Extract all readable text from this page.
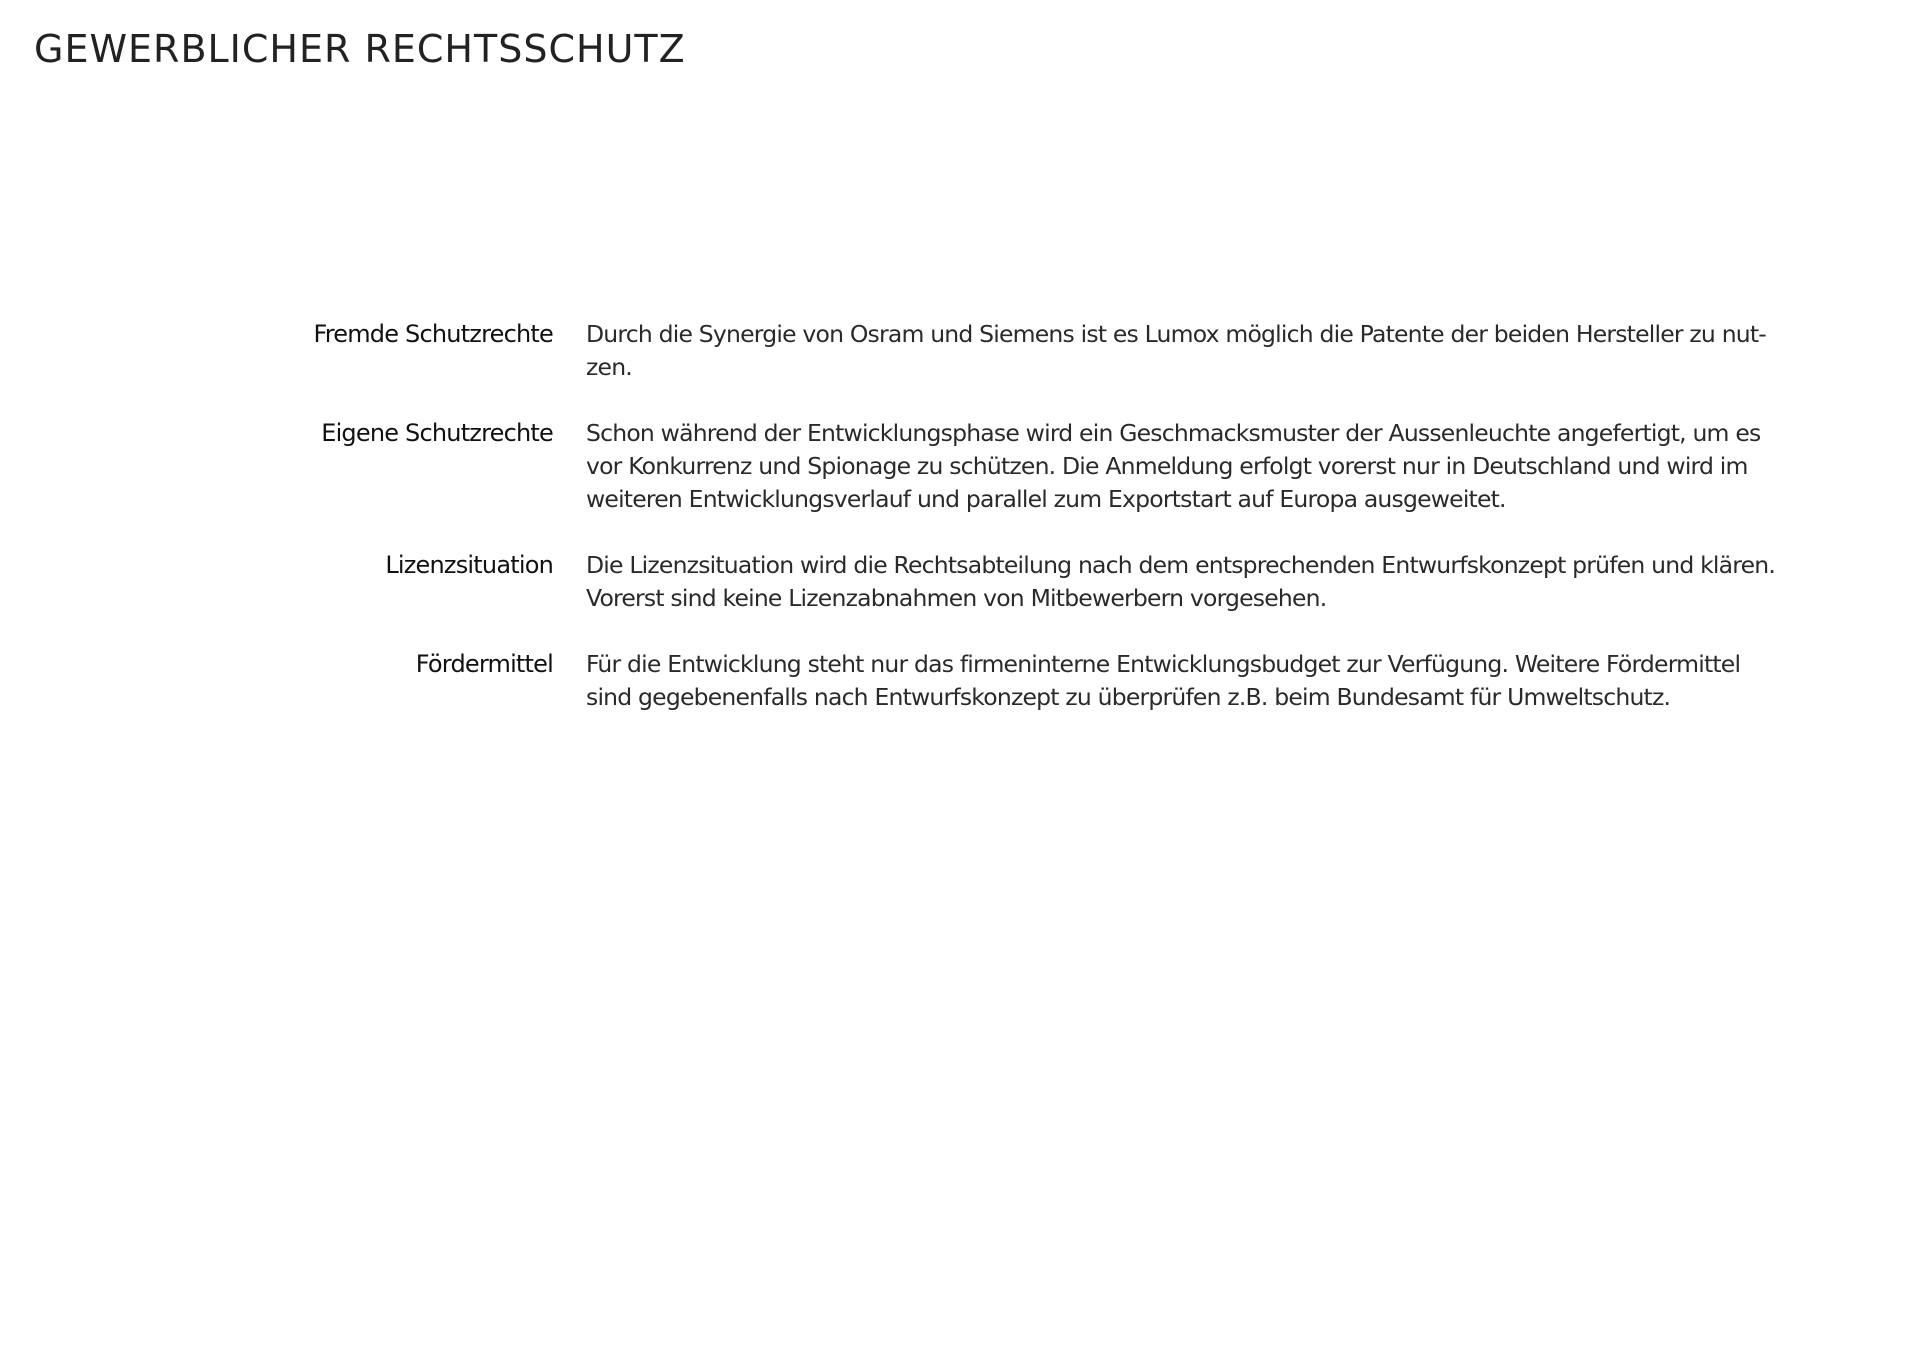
GEWERBLICHER RECHTSSCHUTZ
Fremde Schutzrechte Durch die Synergie von Osram und Siemens ist es Lumox möglich die Patente der beiden Hersteller zu nut-
zen.
Eigene Schutzrechte Schon während der Entwicklungsphase wird ein Geschmacksmuster der Aussenleuchte angefertigt, um es
vor Konkurrenz und Spionage zu schützen. Die Anmeldung erfolgt vorerst nur in Deutschland und wird im
weiteren Entwicklungsverlauf und parallel zum Exportstart auf Europa ausgeweitet.
Lizenzsituation Die Lizenzsituation wird die Rechtsabteilung nach dem entsprechenden Entwurfskonzept prüfen und klären.
Vorerst sind keine Lizenzabnahmen von Mitbewerbern vorgesehen.
Fördermittel Für die Entwicklung steht nur das firmeninterne Entwicklungsbudget zur Verfügung. Weitere Fördermittel
sind gegebenenfalls nach Entwurfskonzept zu überprüfen z.B. beim Bundesamt für Umweltschutz.
